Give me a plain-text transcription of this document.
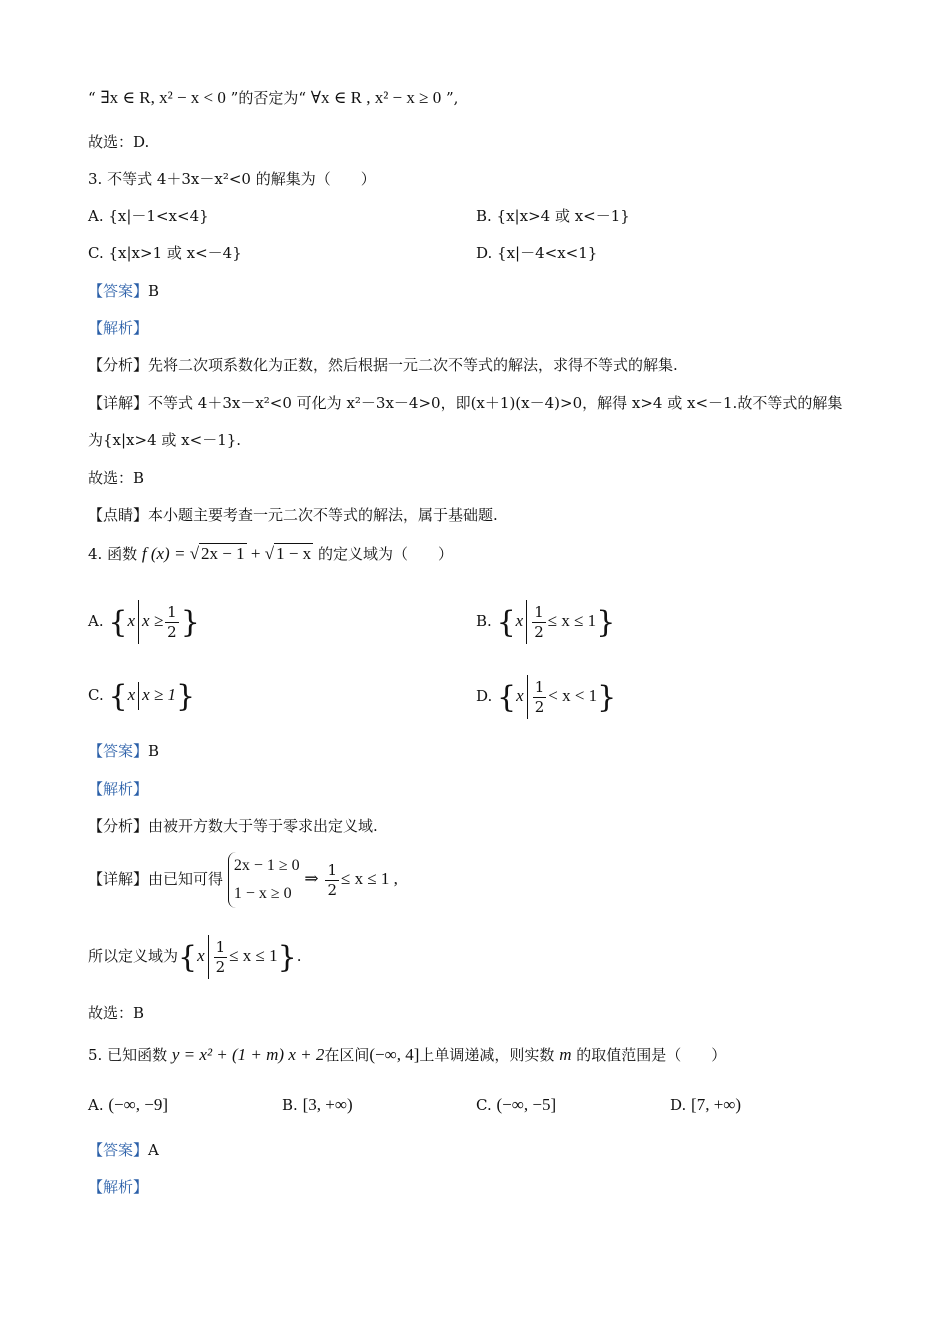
“ ∃x ∈ R, x² − x < 0 ”的否定为“ ∀x ∈ R , x² − x ≥ 0 ”,
故选：D.
3. 不等式 4＋3x－x²<0 的解集为（　　）
A. {x|－1<x<4}	B. {x|x>4 或 x<－1}
C. {x|x>1 或 x<－4}	D. {x|－4<x<1}
【答案】B
【解析】
【分析】先将二次项系数化为正数，然后根据一元二次不等式的解法，求得不等式的解集.
【详解】不等式 4＋3x－x²<0 可化为 x²－3x－4>0，即(x＋1)(x－4)>0，解得 x>4 或 x<－1.故不等式的解集
为{x|x>4 或 x<－1}.
故选：B
【点睛】本小题主要考查一元二次不等式的解法，属于基础题.
4. 函数 f (x) = √ 2x − 1 + √ 1 − x 的定义域为（　　）
A. {x $x \ge \frac{1}{2}$ }	B. $\{x \frac{1}{2} \le x \le 1\}$
C. {x x ≥ 1}	D. $\{x \frac{1}{2} < x < 1\}$
【答案】B
【解析】
【分析】由被开方数大于等于零求出定义域.
【详解】由已知可得
2x − 1 ≥ 0
1 − x ≥ 0
⇒ $\frac{1}{2} \le x \le 1$ ,
所以定义域为$\{x \frac{1}{2} \le x \le 1\}$.
故选：B
5. 已知函数 y = x² + (1 + m) x + 2在区间(−∞, 4]上单调递减，则实数 m 的取值范围是（　　）
A. (−∞, −9]	B. [3, +∞)	C. (−∞, −5]	D. [7, +∞)
【答案】A
【解析】
